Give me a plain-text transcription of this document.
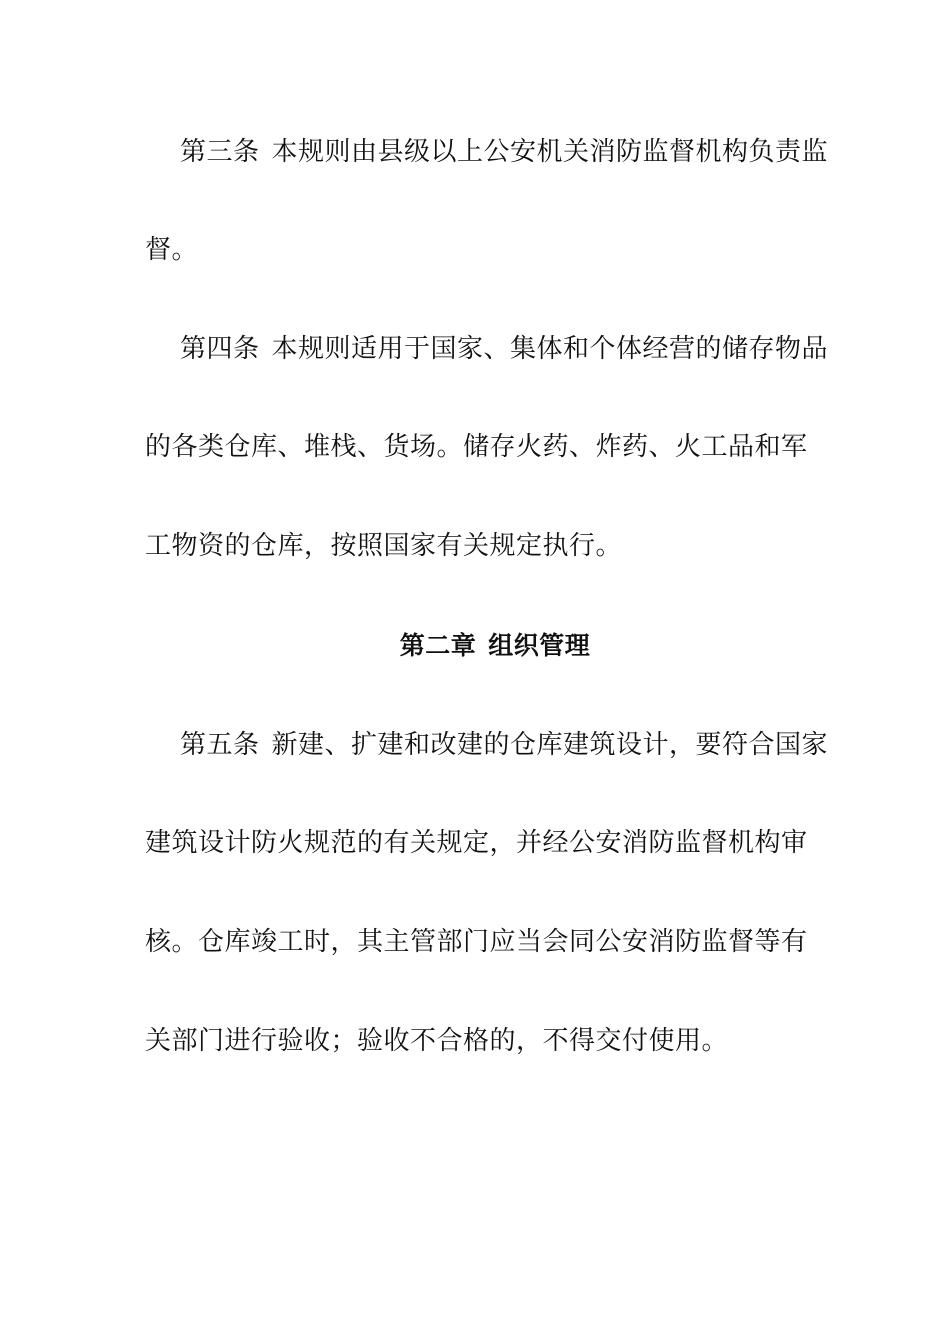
第三条 本规则由县级以上公安机关消防监督机构负责监
督。
第四条 本规则适用于国家、集体和个体经营的储存物品
的各类仓库、堆栈、货场。储存火药、炸药、火工品和军
工物资的仓库，按照国家有关规定执行。
第二章 组织管理
第五条 新建、扩建和改建的仓库建筑设计，要符合国家
建筑设计防火规范的有关规定，并经公安消防监督机构审
核。仓库竣工时，其主管部门应当会同公安消防监督等有
关部门进行验收；验收不合格的，不得交付使用。
